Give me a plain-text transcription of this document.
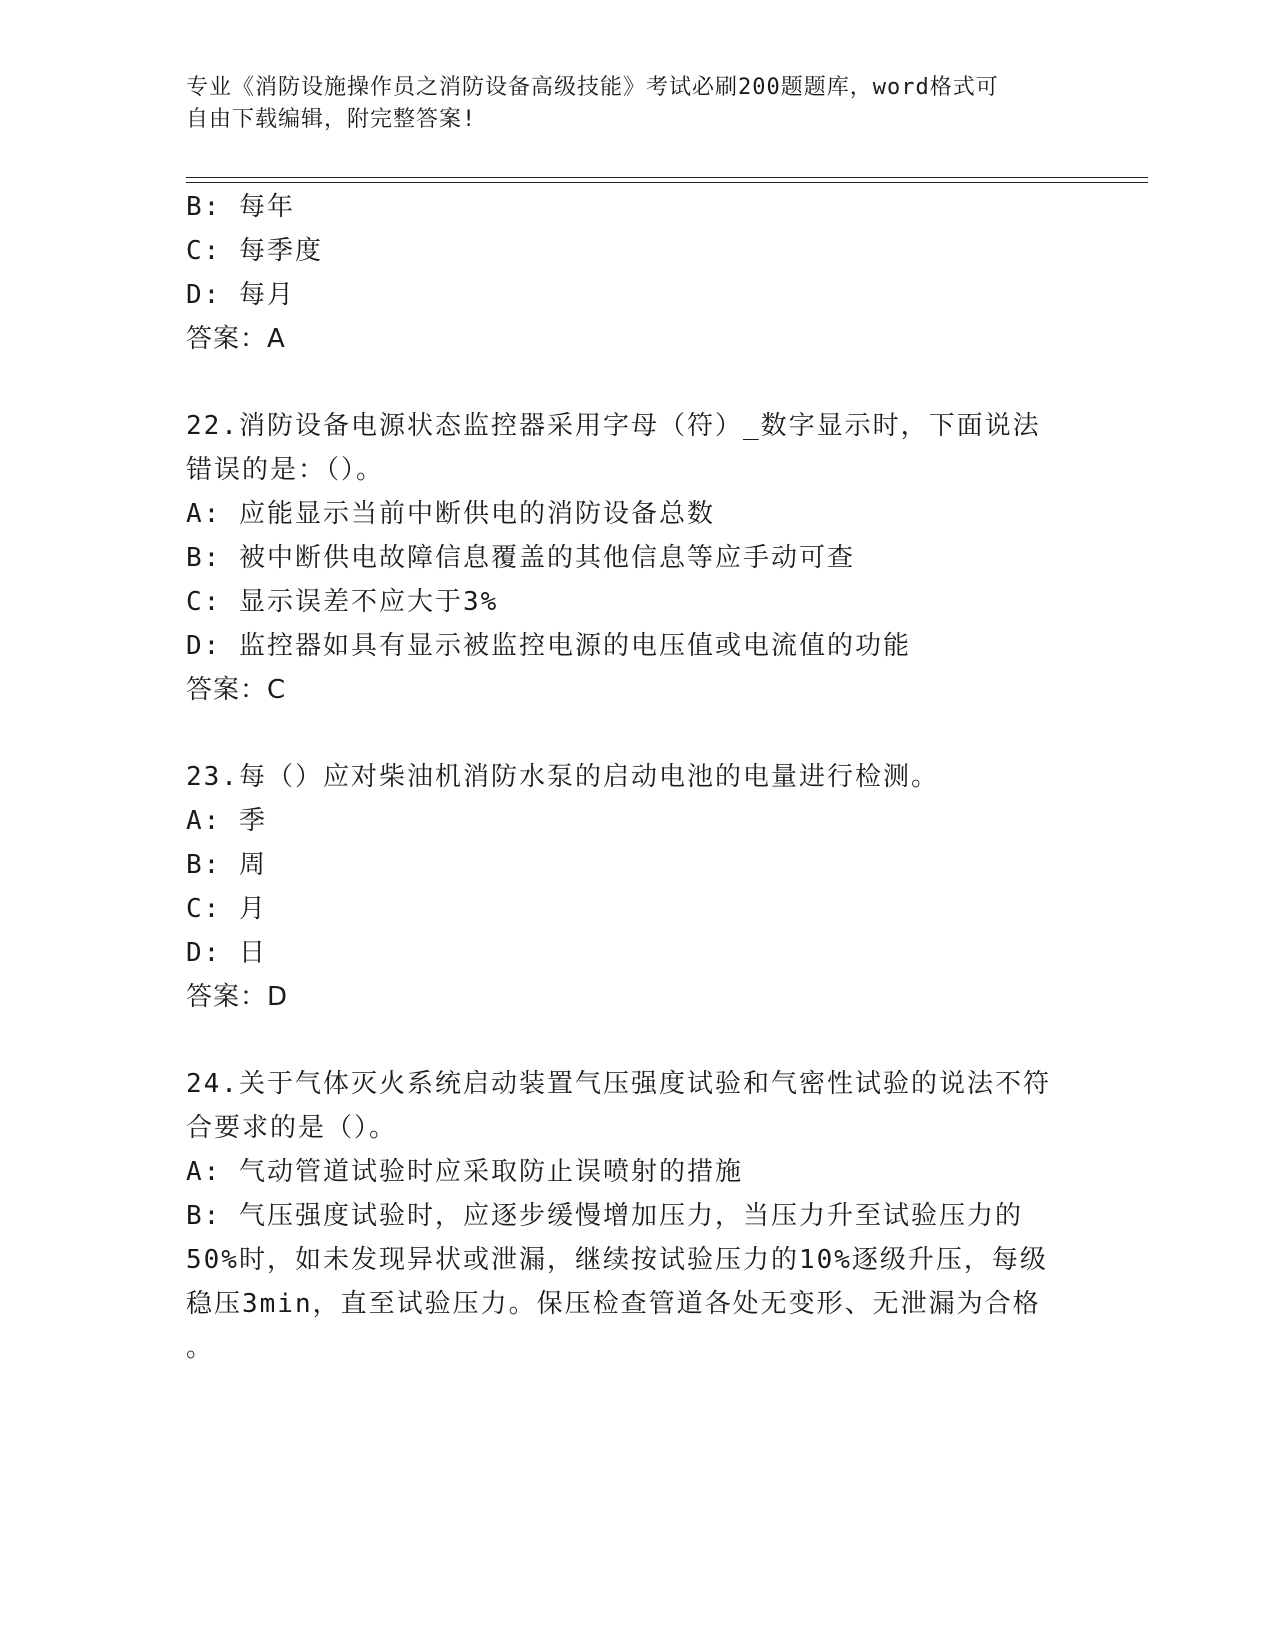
专业《消防设施操作员之消防设备高级技能》考试必刷200题题库，word格式可
自由下载编辑，附完整答案!
B: 每年
C: 每季度
D: 每月
答案：A
22.消防设备电源状态监控器采用字母（符）_数字显示时，下面说法
错误的是：（）。
A: 应能显示当前中断供电的消防设备总数
B: 被中断供电故障信息覆盖的其他信息等应手动可查
C: 显示误差不应大于3%
D: 监控器如具有显示被监控电源的电压值或电流值的功能
答案：C
23.每（）应对柴油机消防水泵的启动电池的电量进行检测。
A: 季
B: 周
C: 月
D: 日
答案：D
24.关于气体灭火系统启动装置气压强度试验和气密性试验的说法不符
合要求的是（）。
A: 气动管道试验时应采取防止误喷射的措施
B: 气压强度试验时，应逐步缓慢增加压力，当压力升至试验压力的
50%时，如未发现异状或泄漏，继续按试验压力的10%逐级升压，每级
稳压3min，直至试验压力。保压检查管道各处无变形、无泄漏为合格
。
